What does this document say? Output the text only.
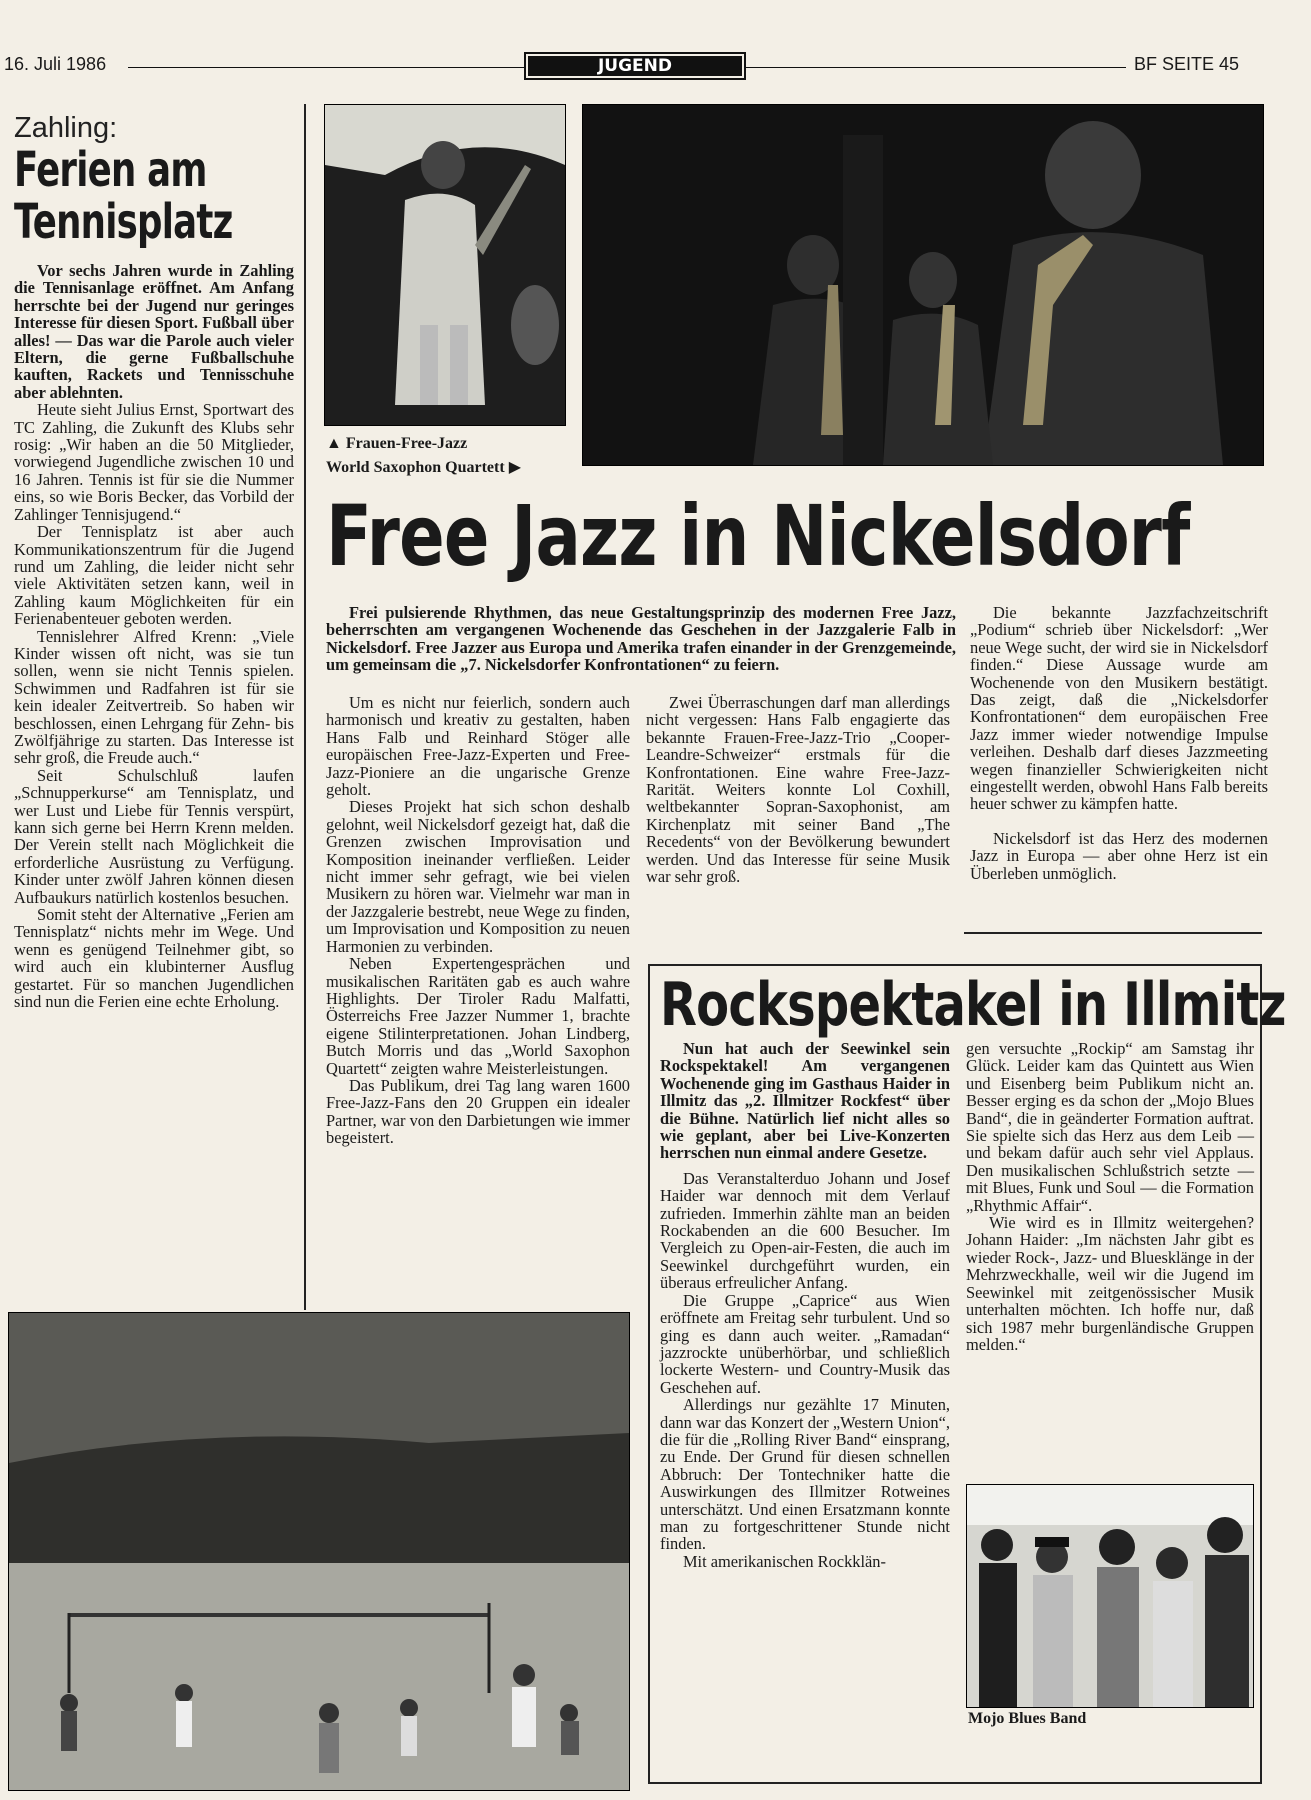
16. Juli 1986	JUGEND	BF SEITE 45
Zahling:
Ferien am
Tennisplatz

Vor sechs Jahren wurde in Zahling die Tennisanlage eröffnet. Am Anfang herrschte bei der Jugend nur geringes Interesse für diesen Sport. Fußball über alles! — Das war die Parole auch vieler Eltern, die gerne Fußballschuhe kauften, Rackets und Tennisschuhe aber ablehnten.

Heute sieht Julius Ernst, Sportwart des TC Zahling, die Zukunft des Klubs sehr rosig: „Wir haben an die 50 Mitglieder, vorwiegend Jugendliche zwischen 10 und 16 Jahren. Tennis ist für sie die Nummer eins, so wie Boris Becker, das Vorbild der Zahlinger Tennisjugend.“

Der Tennisplatz ist aber auch Kommunikationszentrum für die Jugend rund um Zahling, die leider nicht sehr viele Aktivitäten setzen kann, weil in Zahling kaum Möglichkeiten für ein Ferienabenteuer geboten werden.

Tennislehrer Alfred Krenn: „Viele Kinder wissen oft nicht, was sie tun sollen, wenn sie nicht Tennis spielen. Schwimmen und Radfahren ist für sie kein idealer Zeitvertreib. So haben wir beschlossen, einen Lehrgang für Zehn- bis Zwölfjährige zu starten. Das Interesse ist sehr groß, die Freude auch.“

Seit Schulschluß laufen „Schnupperkurse“ am Tennisplatz, und wer Lust und Liebe für Tennis verspürt, kann sich gerne bei Herrn Krenn melden. Der Verein stellt nach Möglichkeit die erforderliche Ausrüstung zu Verfügung. Kinder unter zwölf Jahren können diesen Aufbaukurs natürlich kostenlos besuchen.

Somit steht der Alternative „Ferien am Tennisplatz“ nichts mehr im Wege. Und wenn es genügend Teilnehmer gibt, so wird auch ein klubinterner Ausflug gestartet. Für so manchen Jugendlichen sind nun die Ferien eine echte Erholung.

▲ Frauen-Free-Jazz
World Saxophon Quartett ▶
Free Jazz in Nickelsdorf

Frei pulsierende Rhythmen, das neue Gestaltungsprinzip des modernen Free Jazz, beherrschten am vergangenen Wochenende das Geschehen in der Jazzgalerie Falb in Nickelsdorf. Free Jazzer aus Europa und Amerika trafen einander in der Grenzgemeinde, um gemeinsam die „7. Nickelsdorfer Konfrontationen“ zu feiern.

Um es nicht nur feierlich, sondern auch harmonisch und kreativ zu gestalten, haben Hans Falb und Reinhard Stöger alle europäischen Free-Jazz-Experten und Free-Jazz-Pioniere an die ungarische Grenze geholt.

Dieses Projekt hat sich schon deshalb gelohnt, weil Nickelsdorf gezeigt hat, daß die Grenzen zwischen Improvisation und Komposition ineinander verfließen. Leider nicht immer sehr gefragt, wie bei vielen Musikern zu hören war. Vielmehr war man in der Jazzgalerie bestrebt, neue Wege zu finden, um Improvisation und Komposition zu neuen Harmonien zu verbinden.

Neben Expertengesprächen und musikalischen Raritäten gab es auch wahre Highlights. Der Tiroler Radu Malfatti, Österreichs Free Jazzer Nummer 1, brachte eigene Stilinterpretationen. Johan Lindberg, Butch Morris und das „World Saxophon Quartett“ zeigten wahre Meisterleistungen.

Das Publikum, drei Tag lang waren 1600 Free-Jazz-Fans den 20 Gruppen ein idealer Partner, war von den Darbietungen wie immer begeistert.

Zwei Überraschungen darf man allerdings nicht vergessen: Hans Falb engagierte das bekannte Frauen-Free-Jazz-Trio „Cooper-Leandre-Schweizer“ erstmals für die Konfrontationen. Eine wahre Free-Jazz-Rarität. Weiters konnte Lol Coxhill, weltbekannter Sopran-Saxophonist, am Kirchenplatz mit seiner Band „The Recedents“ von der Bevölkerung bewundert werden. Und das Interesse für seine Musik war sehr groß.

Die bekannte Jazzfachzeitschrift „Podium“ schrieb über Nickelsdorf: „Wer neue Wege sucht, der wird sie in Nickelsdorf finden.“ Diese Aussage wurde am Wochenende von den Musikern bestätigt. Das zeigt, daß die „Nickelsdorfer Konfrontationen“ dem europäischen Free Jazz immer wieder notwendige Impulse verleihen. Deshalb darf dieses Jazzmeeting wegen finanzieller Schwierigkeiten nicht eingestellt werden, obwohl Hans Falb bereits heuer schwer zu kämpfen hatte.

Nickelsdorf ist das Herz des modernen Jazz in Europa — aber ohne Herz ist ein Überleben unmöglich.

Rockspektakel in Illmitz

Nun hat auch der Seewinkel sein Rockspektakel! Am vergangenen Wochenende ging im Gasthaus Haider in Illmitz das „2. Illmitzer Rockfest“ über die Bühne. Natürlich lief nicht alles so wie geplant, aber bei Live-Konzerten herrschen nun einmal andere Gesetze.

Das Veranstalterduo Johann und Josef Haider war dennoch mit dem Verlauf zufrieden. Immerhin zählte man an beiden Rockabenden an die 600 Besucher. Im Vergleich zu Open-air-Festen, die auch im Seewinkel durchgeführt wurden, ein überaus erfreulicher Anfang.

Die Gruppe „Caprice“ aus Wien eröffnete am Freitag sehr turbulent. Und so ging es dann auch weiter. „Ramadan“ jazzrockte unüberhörbar, und schließlich lockerte Western- und Country-Musik das Geschehen auf.

Allerdings nur gezählte 17 Minuten, dann war das Konzert der „Western Union“, die für die „Rolling River Band“ einsprang, zu Ende. Der Grund für diesen schnellen Abbruch: Der Tontechniker hatte die Auswirkungen des Illmitzer Rotweines unterschätzt. Und einen Ersatzmann konnte man zu fortgeschrittener Stunde nicht finden.

Mit amerikanischen Rockklän-

gen versuchte „Rockip“ am Samstag ihr Glück. Leider kam das Quintett aus Wien und Eisenberg beim Publikum nicht an. Besser erging es da schon der „Mojo Blues Band“, die in geänderter Formation auftrat. Sie spielte sich das Herz aus dem Leib — und bekam dafür auch sehr viel Applaus. Den musikalischen Schlußstrich setzte — mit Blues, Funk und Soul — die Formation „Rhythmic Affair“.

Wie wird es in Illmitz weitergehen? Johann Haider: „Im nächsten Jahr gibt es wieder Rock-, Jazz- und Bluesklänge in der Mehrzweckhalle, weil wir die Jugend im Seewinkel mit zeitgenössischer Musik unterhalten möchten. Ich hoffe nur, daß sich 1987 mehr burgenländische Gruppen melden.“

Mojo Blues Band
